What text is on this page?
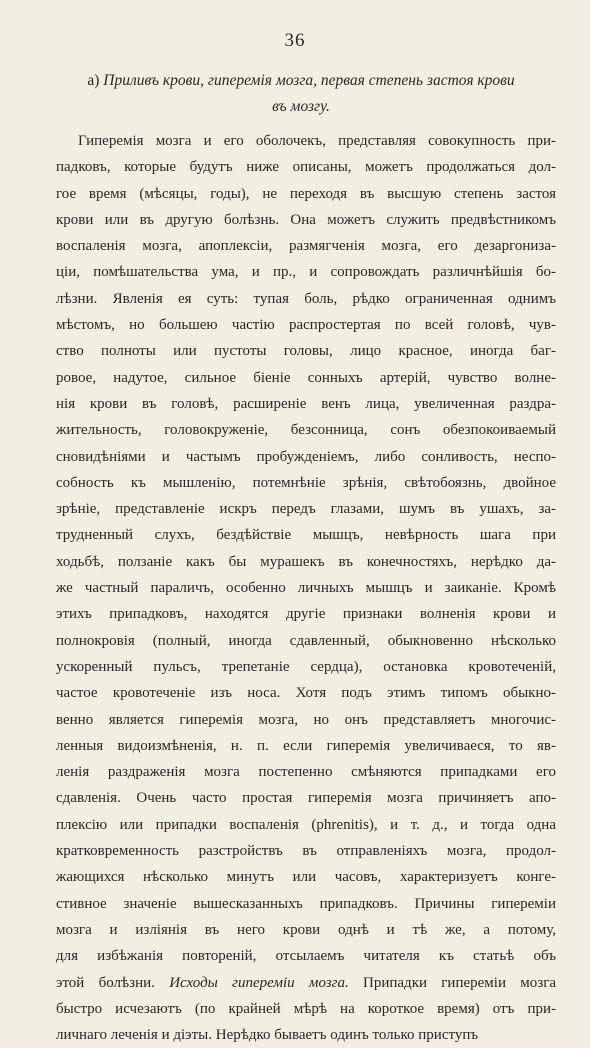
36
а) Приливъ крови, гиперемія мозга, первая степень застоя крови
въ мозгу.
Гиперемія мозга и его оболочекъ, представляя совокупность при-
падковъ, которые будутъ ниже описаны, можетъ продолжаться дол-
гое время (мѣсяцы, годы), не переходя въ высшую степень застоя
крови или въ другую болѣзнь. Она можетъ служить предвѣстникомъ
воспаленія мозга, апоплексіи, размягченія мозга, его дезаргониза-
ціи, помѣшательства ума, и пр., и сопровождать различнѣйшія бо-
лѣзни. Явленія ея суть: тупая боль, рѣдко ограниченная однимъ
мѣстомъ, но большею частію распростертая по всей головѣ, чув-
ство полноты или пустоты головы, лицо красное, иногда баг-
ровое, надутое, сильное біеніе сонныхъ артерій, чувство волне-
нія крови въ головѣ, расширеніе венъ лица, увеличенная раздра-
жительность, головокруженіе, безсонница, сонъ обезпокоиваемый
сновидѣніями и частымъ пробужденіемъ, либо сонливость, неспо-
собность къ мышленію, потемнѣніе зрѣнія, свѣтобоязнь, двойное
зрѣніе, представленіе искръ передъ глазами, шумъ въ ушахъ, за-
трудненный слухъ, бездѣйствіе мышцъ, невѣрность шага при
ходьбѣ, ползаніе какъ бы мурашекъ въ конечностяхъ, нерѣдко да-
же частный параличъ, особенно личныхъ мышцъ и заиканіе. Кромѣ
этихъ припадковъ, находятся другіе признаки волненія крови и
полнокровія (полный, иногда сдавленный, обыкновенно нѣсколько
ускоренный пульсъ, трепетаніе сердца), остановка кровотеченій,
частое кровотеченіе изъ носа. Хотя подъ этимъ типомъ обыкно-
венно является гиперемія мозга, но онъ представляетъ многочис-
ленныя видоизмѣненія, н. п. если гиперемія увеличиваеся, то яв-
ленія раздраженія мозга постепенно смѣняются припадками его
сдавленія. Очень часто простая гиперемія мозга причиняетъ апо-
плексію или припадки воспаленія (phrenitis), и т. д., и тогда одна
кратковременность разстройствъ въ отправленіяхъ мозга, продол-
жающихся нѣсколько минутъ или часовъ, характеризуетъ конге-
стивное значеніе вышесказанныхъ припадковъ. Причины гипереміи
мозга и изліянія въ него крови однѣ и тѣ же, а потому,
для избѣжанія повтореній, отсылаемъ читателя къ статьѣ объ
этой болѣзни. Исходы гипереміи мозга. Припадки гипереміи мозга
быстро исчезаютъ (по крайней мѣрѣ на короткое время) отъ при-
личнаго леченія и діэты. Нерѣдко бываетъ одинъ только приступъ
